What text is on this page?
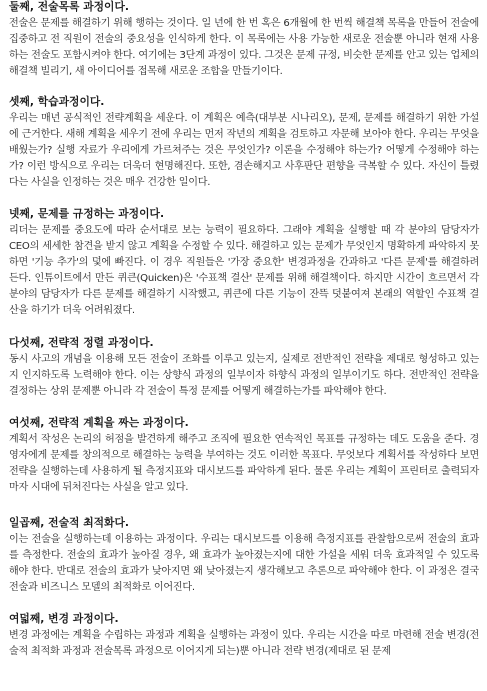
둘째, 전술목록 과정이다.

전술은 문제를 해결하기 위해 행하는 것이다. 일 년에 한 번 혹은 6개월에 한 번씩 해결책 목록을 만들어 전술에 집중하고 전 직원이 전술의 중요성을 인식하게 한다. 이 목록에는 사용 가능한 새로운 전술뿐 아니라 현재 사용하는 전술도 포함시켜야 한다. 여기에는 3단계 과정이 있다. 그것은 문제 규정, 비슷한 문제를 안고 있는 업체의 해결책 빌리기, 새 아이디어를 접목해 새로운 조합을 만들기이다.

셋째, 학습과정이다.

우리는 매년 공식적인 전략계획을 세운다. 이 계획은 예측(대부분 시나리오), 문제, 문제를 해결하기 위한 가설에 근거한다. 새해 계획을 세우기 전에 우리는 먼저 작년의 계획을 검토하고 자문해 보아야 한다. 우리는 무엇을 배웠는가? 실행 자료가 우리에게 가르쳐주는 것은 무엇인가? 이론을 수정해야 하는가? 어떻게 수정해야 하는가? 이런 방식으로 우리는 더욱더 현명해진다. 또한, 겸손해지고 사후판단 편향을 극복할 수 있다. 자신이 틀렸다는 사실을 인정하는 것은 매우 건강한 일이다.

넷째, 문제를 규정하는 과정이다.

리더는 문제를 중요도에 따라 순서대로 보는 능력이 필요하다. 그래야 계획을 실행할 때 각 분야의 담당자가 CEO의 세세한 참견을 받지 않고 계획을 수정할 수 있다. 해결하고 있는 문제가 무엇인지 명확하게 파악하지 못하면 '기능 추가'의 덫에 빠진다. 이 경우 직원들은 '가장 중요한' 변경과정을 간과하고 '다른 문제'를 해결하려 든다. 인튜이트에서 만든 퀴큰(Quicken)은 '수표책 결산' 문제를 위해 해결책이다. 하지만 시간이 흐르면서 각 분야의 담당자가 다른 문제를 해결하기 시작했고, 퀴큰에 다른 기능이 잔뜩 덧붙여져 본래의 역할인 수표책 결산을 하기가 더욱 어려워졌다.

다섯째, 전략적 정렬 과정이다.

동시 사고의 개념을 이용해 모든 전술이 조화를 이루고 있는지, 실제로 전반적인 전략을 제대로 형성하고 있는지 인지하도록 노력해야 한다. 이는 상향식 과정의 일부이자 하향식 과정의 일부이기도 하다. 전반적인 전략을 결정하는 상위 문제뿐 아니라 각 전술이 특정 문제를 어떻게 해결하는가를 파악해야 한다.

여섯째, 전략적 계획을 짜는 과정이다.

계획서 작성은 논리의 허점을 발견하게 해주고 조직에 필요한 연속적인 목표를 규정하는 데도 도움을 준다. 경영자에게 문제를 창의적으로 해결하는 능력을 부여하는 것도 이러한 목표다. 무엇보다 계획서를 작성하다 보면 전략을 실행하는데 사용하게 될 측정지표와 대시보드를 파악하게 된다. 물론 우리는 계획이 프린터로 출력되자마자 시대에 뒤처진다는 사실을 알고 있다.

일곱째, 전술적 최적화다.

이는 전술을 실행하는데 이용하는 과정이다. 우리는 대시보드를 이용해 측정지표를 관찰함으로써 전술의 효과를 측정한다. 전술의 효과가 높아질 경우, 왜 효과가 높아졌는지에 대한 가설을 세워 더욱 효과적일 수 있도록 해야 한다. 반대로 전술의 효과가 낮아지면 왜 낮아졌는지 생각해보고 추론으로 파악해야 한다. 이 과정은 결국 전술과 비즈니스 모델의 최적화로 이어진다.

여덟째, 변경 과정이다.

변경 과정에는 계획을 수립하는 과정과 계획을 실행하는 과정이 있다. 우리는 시간을 따로 마련해 전술 변경(전술적 최적화 과정과 전술목록 과정으로 이어지게 되는)뿐 아니라 전략 변경(제대로 된 문제
